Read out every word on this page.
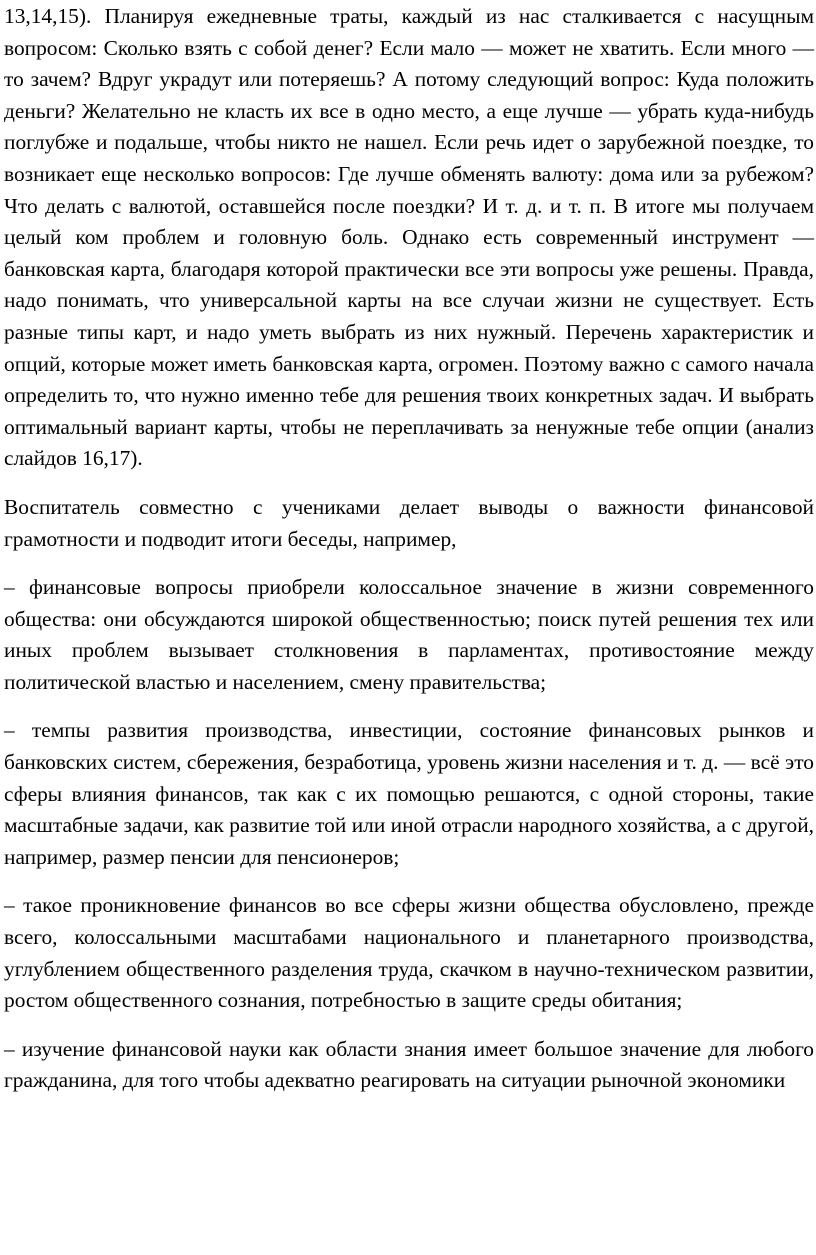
13,14,15). Планируя ежедневные траты, каждый из нас сталкивается с насущным вопросом: Сколько взять с собой денег? Если мало — может не хватить. Если много — то зачем? Вдруг украдут или потеряешь? А потому следующий вопрос: Куда положить деньги? Желательно не класть их все в одно место, а еще лучше — убрать куда-нибудь поглубже и подальше, чтобы никто не нашел. Если речь идет о зарубежной поездке, то возникает еще несколько вопросов: Где лучше обменять валюту: дома или за рубежом? Что делать с валютой, оставшейся после поездки? И т. д. и т. п. В итоге мы получаем целый ком проблем и головную боль. Однако есть современный инструмент — банковская карта, благодаря которой практически все эти вопросы уже решены. Правда, надо понимать, что универсальной карты на все случаи жизни не существует. Есть разные типы карт, и надо уметь выбрать из них нужный. Перечень характеристик и опций, которые может иметь банковская карта, огромен. Поэтому важно с самого начала определить то, что нужно именно тебе для решения твоих конкретных задач. И выбрать оптимальный вариант карты, чтобы не переплачивать за ненужные тебе опции (анализ слайдов 16,17).

Воспитатель совместно с учениками делает выводы о важности финансовой грамотности и подводит итоги беседы, например,

– финансовые вопросы приобрели колоссальное значение в жизни современного общества: они обсуждаются широкой общественностью; поиск путей решения тех или иных проблем вызывает столкновения в парламентах, противостояние между политической властью и населением, смену правительства;

– темпы развития производства, инвестиции, состояние финансовых рынков и банковских систем, сбережения, безработица, уровень жизни населения и т. д. — всё это сферы влияния финансов, так как с их помощью решаются, с одной стороны, такие масштабные задачи, как развитие той или иной отрасли народного хозяйства, а с другой, например, размер пенсии для пенсионеров;

– такое проникновение финансов во все сферы жизни общества обусловлено, прежде всего, колоссальными масштабами национального и планетарного производства, углублением общественного разделения труда, скачком в научно-техническом развитии, ростом общественного сознания, потребностью в защите среды обитания;

– изучение финансовой науки как области знания имеет большое значение для любого гражданина, для того чтобы адекватно реагировать на ситуации рыночной экономики
